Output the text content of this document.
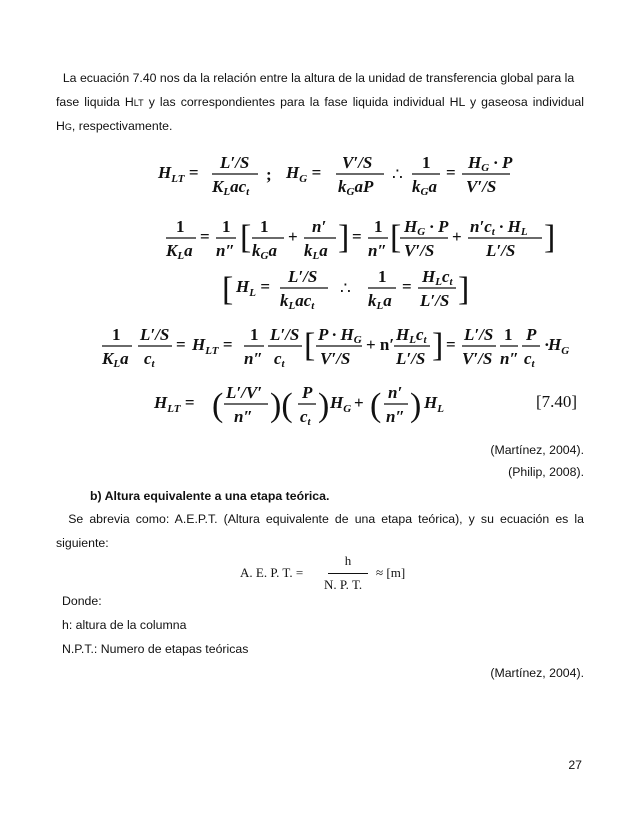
La ecuación 7.40 nos da la relación entre la altura de la unidad de transferencia global para la

fase liquida HLT y las correspondientes para la fase liquida individual HL y gaseosa individual

HG, respectivamente.

$H_{LT}$ =
L′/S
KLact
; $H_G$ =
V′/S
kGaP
∴
1
kGa
=
HG · P
V′/S
1
KLa
=
1
n″ [ 1
kGa
+
n′
kLa ] =
1
n″ [ HG · P
V′/S
+
n′ct · HL
L′/S ]
[ $H_L$ =
L′/S
kLact
∴
1
kLa
=
HLct
L′/S ]
1
KLa
L′/S
ct
= $H_{LT}$ =
1
n″
L′/S
ct [ P · HG
V′/S
+ n′
HLct
L′/S ] =
L′/S
V′/S
1
n″
P
ct
·
$H_{LT}$ = ( L′/V′
n″ )( P
ct ) $H_G$ + ( n′
n″ ) $H_L$
$H_G$
[7.40]

(Martínez, 2004).

(Philip, 2008).

b) Altura equivalente a una etapa teórica.

Se abrevia como: A.E.P.T. (Altura equivalente de una etapa teórica), y su ecuación es la

siguiente:

A. E. P. T. =
h
N. P. T.
≈ [m]

Donde:

h: altura de la columna

N.P.T.: Numero de etapas teóricas

(Martínez, 2004).

27
